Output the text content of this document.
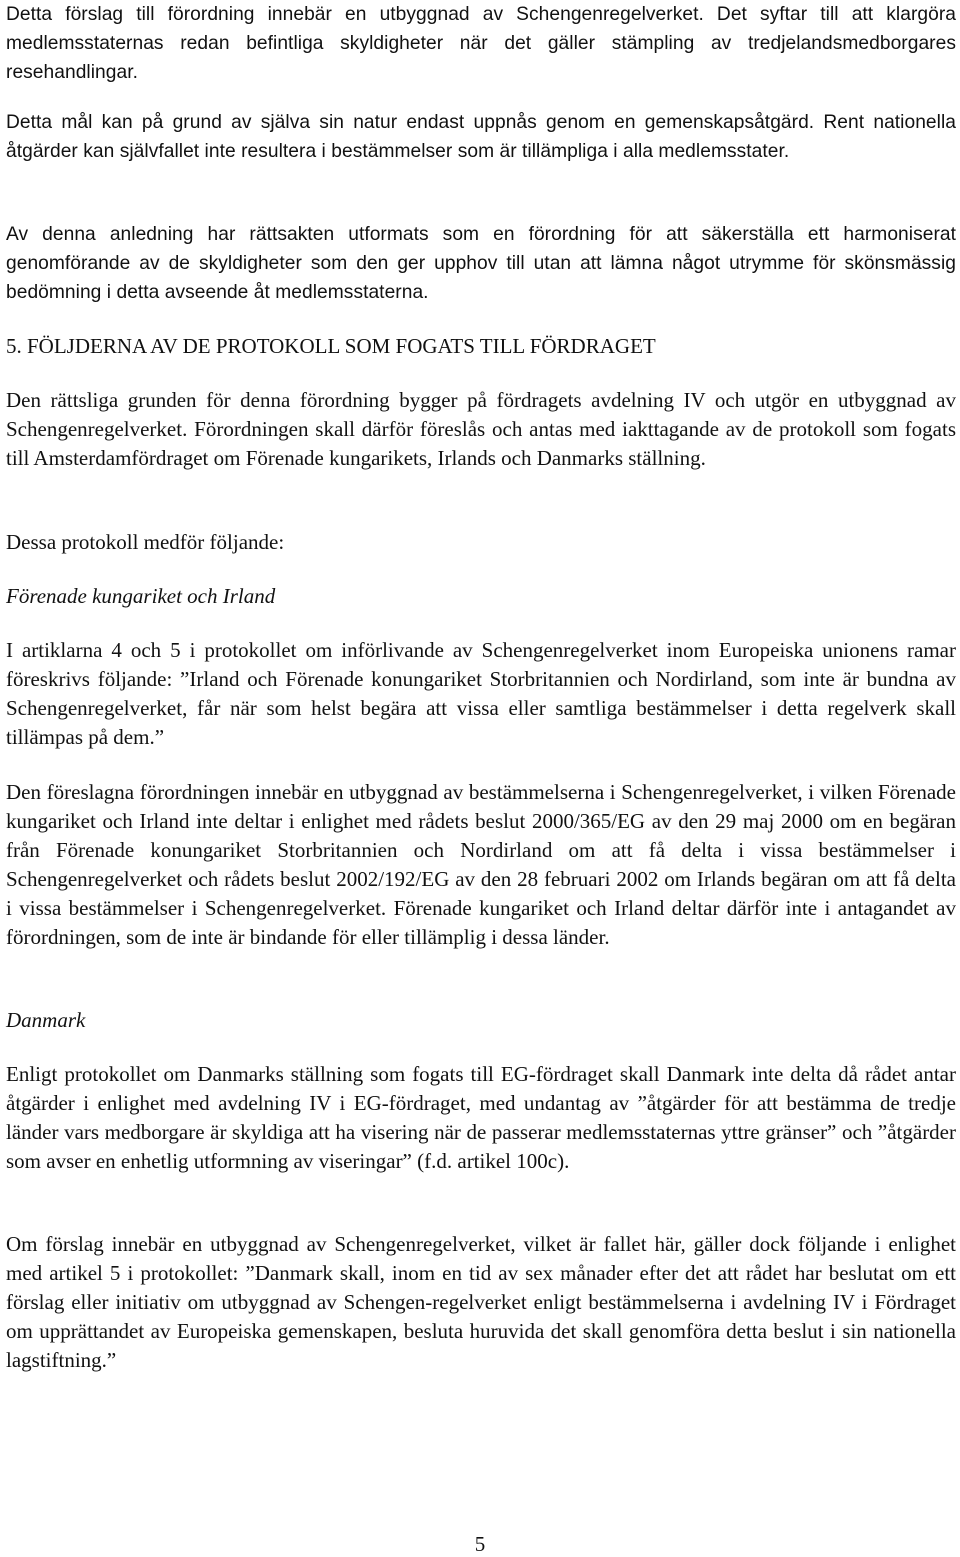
Detta förslag till förordning innebär en utbyggnad av Schengenregelverket. Det syftar till att klargöra medlemsstaternas redan befintliga skyldigheter när det gäller stämpling av tredjelandsmedborgares resehandlingar.

Detta mål kan på grund av själva sin natur endast uppnås genom en gemenskapsåtgärd. Rent nationella åtgärder kan självfallet inte resultera i bestämmelser som är tillämpliga i alla medlemsstater.

Av denna anledning har rättsakten utformats som en förordning för att säkerställa ett harmoniserat genomförande av de skyldigheter som den ger upphov till utan att lämna något utrymme för skönsmässig bedömning i detta avseende åt medlemsstaterna.

5. FÖLJDERNA AV DE PROTOKOLL SOM FOGATS TILL FÖRDRAGET

Den rättsliga grunden för denna förordning bygger på fördragets avdelning IV och utgör en utbyggnad av Schengenregelverket. Förordningen skall därför föreslås och antas med iakttagande av de protokoll som fogats till Amsterdamfördraget om Förenade kungarikets, Irlands och Danmarks ställning.

Dessa protokoll medför följande:

Förenade kungariket och Irland

I artiklarna 4 och 5 i protokollet om införlivande av Schengenregelverket inom Europeiska unionens ramar föreskrivs följande: ”Irland och Förenade konungariket Storbritannien och Nordirland, som inte är bundna av Schengenregelverket, får när som helst begära att vissa eller samtliga bestämmelser i detta regelverk skall tillämpas på dem.”

Den föreslagna förordningen innebär en utbyggnad av bestämmelserna i Schengenregelverket, i vilken Förenade kungariket och Irland inte deltar i enlighet med rådets beslut 2000/365/EG av den 29 maj 2000 om en begäran från Förenade konungariket Storbritannien och Nordirland om att få delta i vissa bestämmelser i Schengenregelverket och rådets beslut 2002/192/EG av den 28 februari 2002 om Irlands begäran om att få delta i vissa bestämmelser i Schengenregelverket. Förenade kungariket och Irland deltar därför inte i antagandet av förordningen, som de inte är bindande för eller tillämplig i dessa länder.

Danmark

Enligt protokollet om Danmarks ställning som fogats till EG-fördraget skall Danmark inte delta då rådet antar åtgärder i enlighet med avdelning IV i EG-fördraget, med undantag av ”åtgärder för att bestämma de tredje länder vars medborgare är skyldiga att ha visering när de passerar medlemsstaternas yttre gränser” och ”åtgärder som avser en enhetlig utformning av viseringar” (f.d. artikel 100c).

Om förslag innebär en utbyggnad av Schengenregelverket, vilket är fallet här, gäller dock följande i enlighet med artikel 5 i protokollet: ”Danmark skall, inom en tid av sex månader efter det att rådet har beslutat om ett förslag eller initiativ om utbyggnad av Schengen-regelverket enligt bestämmelserna i avdelning IV i Fördraget om upprättandet av Europeiska gemenskapen, besluta huruvida det skall genomföra detta beslut i sin nationella lagstiftning.”

5
